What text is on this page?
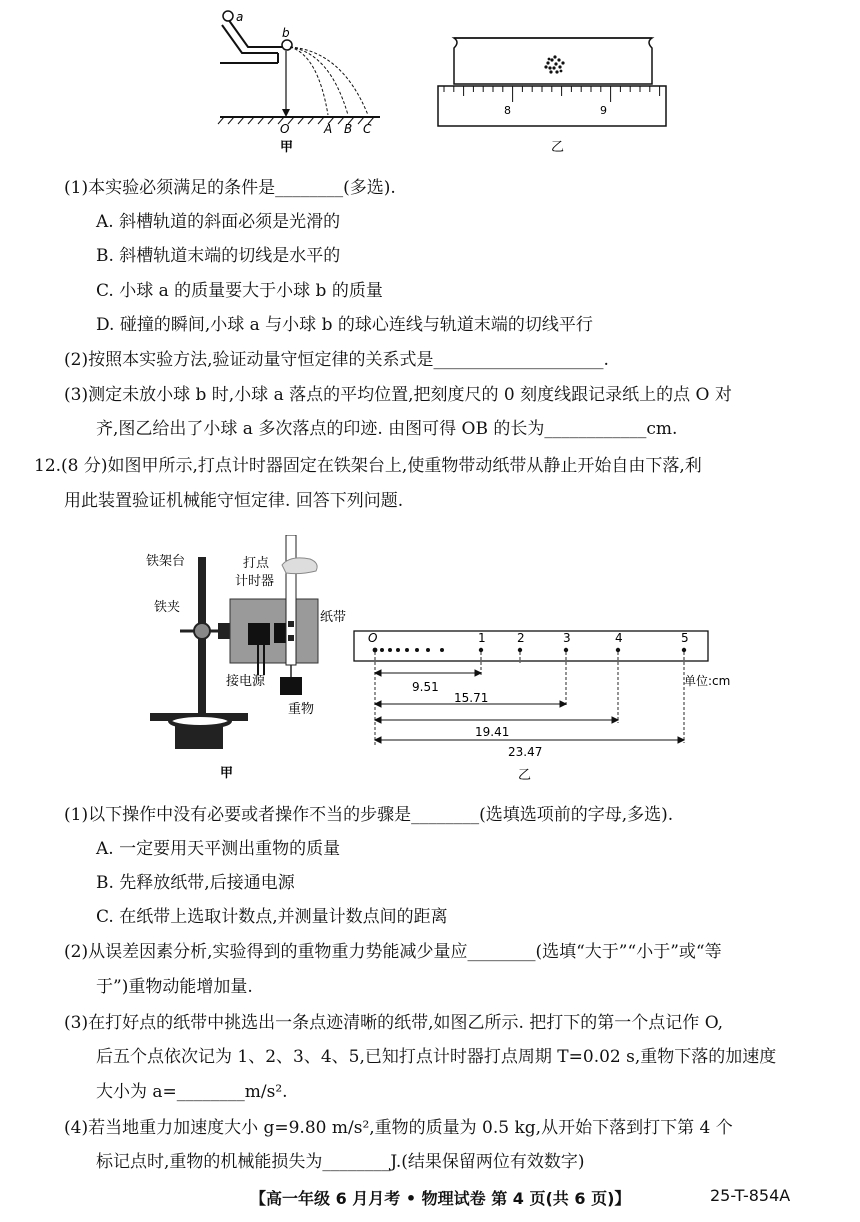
a
b
O	A B C
甲
8	9
乙
(1)本实验必须满足的条件是________(多选).
A. 斜槽轨道的斜面必须是光滑的
B. 斜槽轨道末端的切线是水平的
C. 小球 a 的质量要大于小球 b 的质量
D. 碰撞的瞬间,小球 a 与小球 b 的球心连线与轨道末端的切线平行
(2)按照本实验方法,验证动量守恒定律的关系式是____________________.
(3)测定未放小球 b 时,小球 a 落点的平均位置,把刻度尺的 0 刻度线跟记录纸上的点 O 对
齐,图乙给出了小球 a 多次落点的印迹. 由图可得 OB 的长为____________cm.
12.(8 分)如图甲所示,打点计时器固定在铁架台上,使重物带动纸带从静止开始自由下落,利
用此装置验证机械能守恒定律. 回答下列问题.
铁架台	打点
计时器
纸带
铁夹
接电源
重物
甲
O	1	2	3	4	5
9.51
15.71
19.41
23.47
单位:cm
乙
(1)以下操作中没有必要或者操作不当的步骤是________(选填选项前的字母,多选).
A. 一定要用天平测出重物的质量
B. 先释放纸带,后接通电源
C. 在纸带上选取计数点,并测量计数点间的距离
(2)从误差因素分析,实验得到的重物重力势能减少量应________(选填“大于”“小于”或“等
于”)重物动能增加量.
(3)在打好点的纸带中挑选出一条点迹清晰的纸带,如图乙所示. 把打下的第一个点记作 O,
后五个点依次记为 1、2、3、4、5,已知打点计时器打点周期 T=0.02 s,重物下落的加速度
大小为 a=________m/s².
(4)若当地重力加速度大小 g=9.80 m/s²,重物的质量为 0.5 kg,从开始下落到打下第 4 个
标记点时,重物的机械能损失为________J.(结果保留两位有效数字)
【高一年级 6 月月考 • 物理试卷 第 4 页(共 6 页)】	25-T-854A
